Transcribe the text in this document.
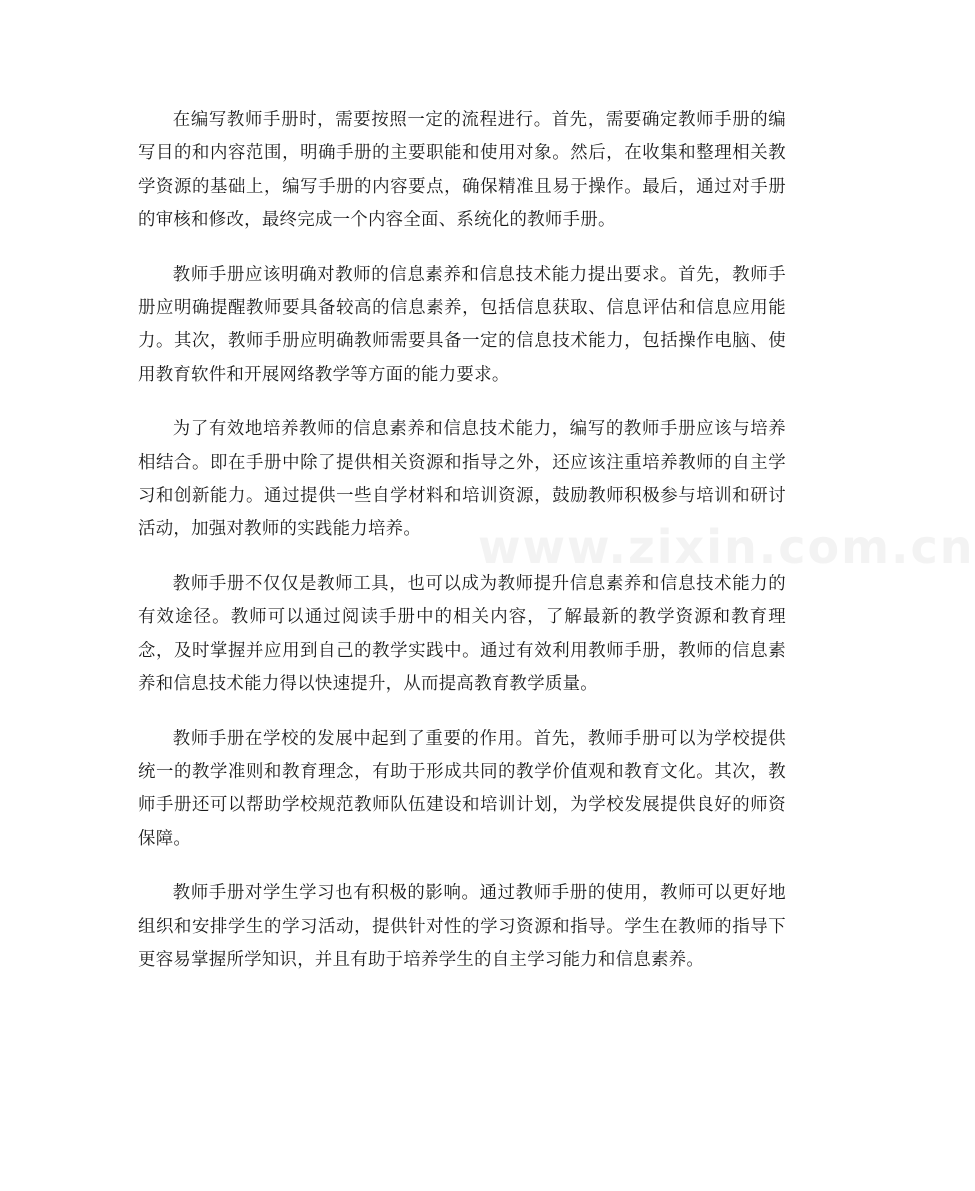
在编写教师手册时，需要按照一定的流程进行。首先，需要确定教师手册的编写目的和内容范围，明确手册的主要职能和使用对象。然后，在收集和整理相关教学资源的基础上，编写手册的内容要点，确保精准且易于操作。最后，通过对手册的审核和修改，最终完成一个内容全面、系统化的教师手册。

教师手册应该明确对教师的信息素养和信息技术能力提出要求。首先，教师手册应明确提醒教师要具备较高的信息素养，包括信息获取、信息评估和信息应用能力。其次，教师手册应明确教师需要具备一定的信息技术能力，包括操作电脑、使用教育软件和开展网络教学等方面的能力要求。

为了有效地培养教师的信息素养和信息技术能力，编写的教师手册应该与培养相结合。即在手册中除了提供相关资源和指导之外，还应该注重培养教师的自主学习和创新能力。通过提供一些自学材料和培训资源，鼓励教师积极参与培训和研讨活动，加强对教师的实践能力培养。

教师手册不仅仅是教师工具，也可以成为教师提升信息素养和信息技术能力的有效途径。教师可以通过阅读手册中的相关内容，了解最新的教学资源和教育理念，及时掌握并应用到自己的教学实践中。通过有效利用教师手册，教师的信息素养和信息技术能力得以快速提升，从而提高教育教学质量。

教师手册在学校的发展中起到了重要的作用。首先，教师手册可以为学校提供统一的教学准则和教育理念，有助于形成共同的教学价值观和教育文化。其次，教师手册还可以帮助学校规范教师队伍建设和培训计划，为学校发展提供良好的师资保障。

教师手册对学生学习也有积极的影响。通过教师手册的使用，教师可以更好地组织和安排学生的学习活动，提供针对性的学习资源和指导。学生在教师的指导下更容易掌握所学知识，并且有助于培养学生的自主学习能力和信息素养。

www.zixin.com.cn
